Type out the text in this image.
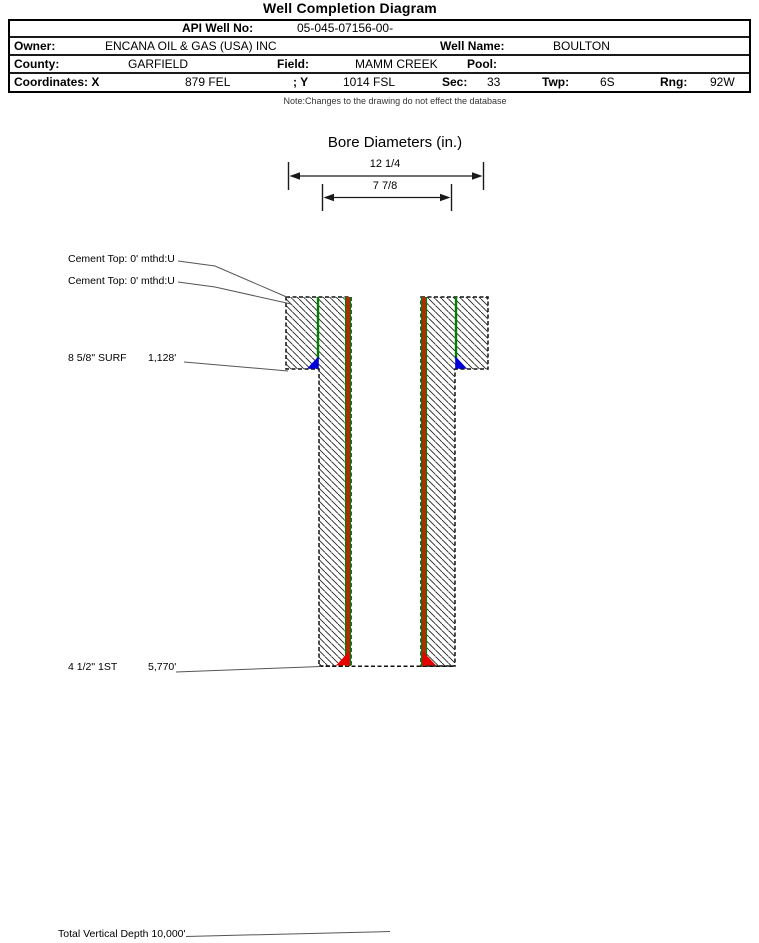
Well Completion Diagram
API Well No:	05-045-07156-00-
Owner:	ENCANA OIL & GAS (USA) INC	Well Name:	BOULTON
County:	GARFIELD	Field:	MAMM CREEK Pool:
Coordinates: X	879 FEL	; Y	1014 FSL	Sec: 33	Twp:	6S	Rng: 92W
Note:Changes to the drawing do not effect the database
Bore Diameters (in.)
12 1/4
7 7/8
Cement Top: 0' mthd:U
Cement Top: 0' mthd:U
8 5/8" SURF 1,128'
4 1/2" 1ST	5,770'
Total Vertical Depth 10,000'
